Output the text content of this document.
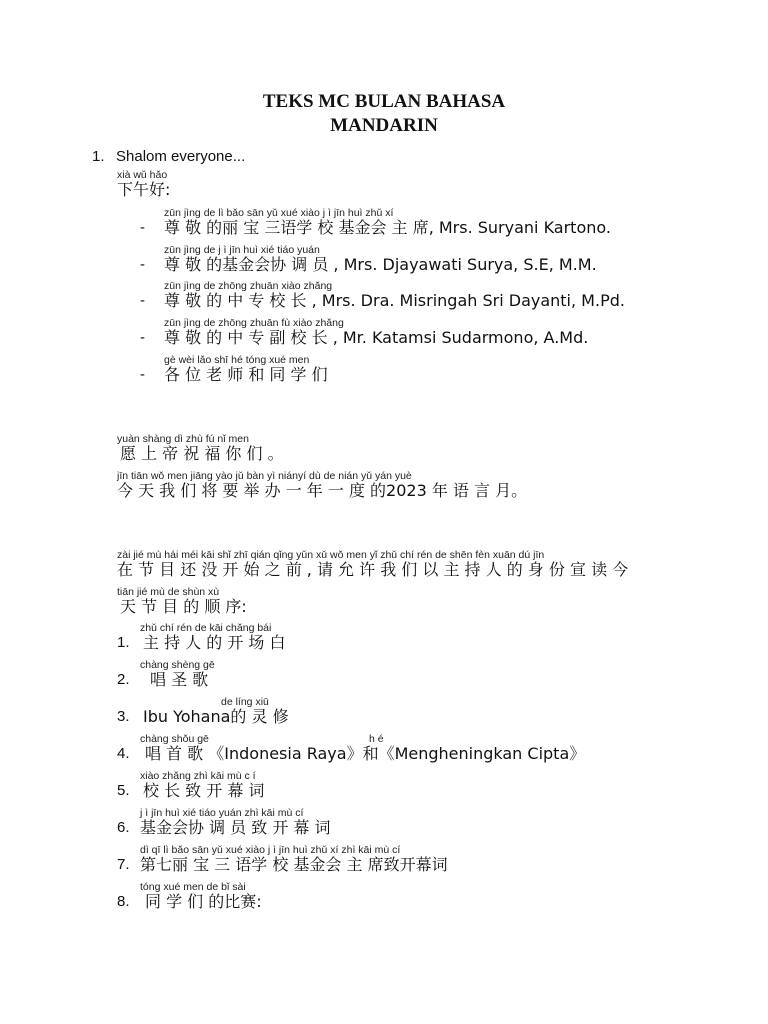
TEKS MC BULAN BAHASA
MANDARIN
1. Shalom everyone...
xià wǔ hǎo
下午好:
zūn jìng de lì bǎo sān yǔ xué xiào j ì jīn huì zhǔ xí
- 尊 敬 的丽 宝 三语学 校 基金会 主 席, Mrs. Suryani Kartono.
zūn jìng de j ì jīn huì xié tiáo yuán
- 尊 敬 的基金会协 调 员 , Mrs. Djayawati Surya, S.E, M.M.
zūn jìng de zhōng zhuān xiào zhǎng
- 尊 敬 的 中 专 校 长 , Mrs. Dra. Misringah Sri Dayanti, M.Pd.
zūn jìng de zhōng zhuān fù xiào zhǎng
- 尊 敬 的 中 专 副 校 长 , Mr. Katamsi Sudarmono, A.Md.
gè wèi lǎo shī hé tóng xué men
- 各 位 老 师 和 同 学 们
yuàn shàng dì zhù fú nǐ men
愿 上 帝 祝 福 你 们 。
jīn tiān wǒ men jiāng yào jǔ bàn yì niányí dù de nián yǔ yán yuè
今 天 我 们 将 要 举 办 一 年 一 度 的2023 年 语 言 月。
zài jié mù hái méi kāi shǐ zhī qián qǐng yǔn xǔ wǒ men yǐ zhǔ chí rén de shēn fèn xuān dú jīn
在 节 目 还 没 开 始 之 前 , 请 允 许 我 们 以 主 持 人 的 身 份 宣 读 今
tiān jié mù de shùn xù
天 节 目 的 顺 序:
zhǔ chí rén de kāi chǎng bái
1. 主 持 人 的 开 场 白
chàng shèng gē
2. 唱 圣 歌
de líng xiū
3. Ibu Yohana的 灵 修
chàng shǒu gē	h é
4. 唱 首 歌 《Indonesia Raya》和《Mengheningkan Cipta》
xiào zhǎng zhì kāi mù c í
5. 校 长 致 开 幕 词
j ì jīn huì xié tiáo yuán zhì kāi mù cí
6. 基金会协 调 员 致 开 幕 词
dì qī lì bǎo sān yǔ xué xiào j ì jīn huì zhǔ xí zhì kāi mù cí
7. 第七丽 宝 三 语学 校 基金会 主 席致开幕词
tóng xué men de bǐ sài
8. 同 学 们 的比赛:
